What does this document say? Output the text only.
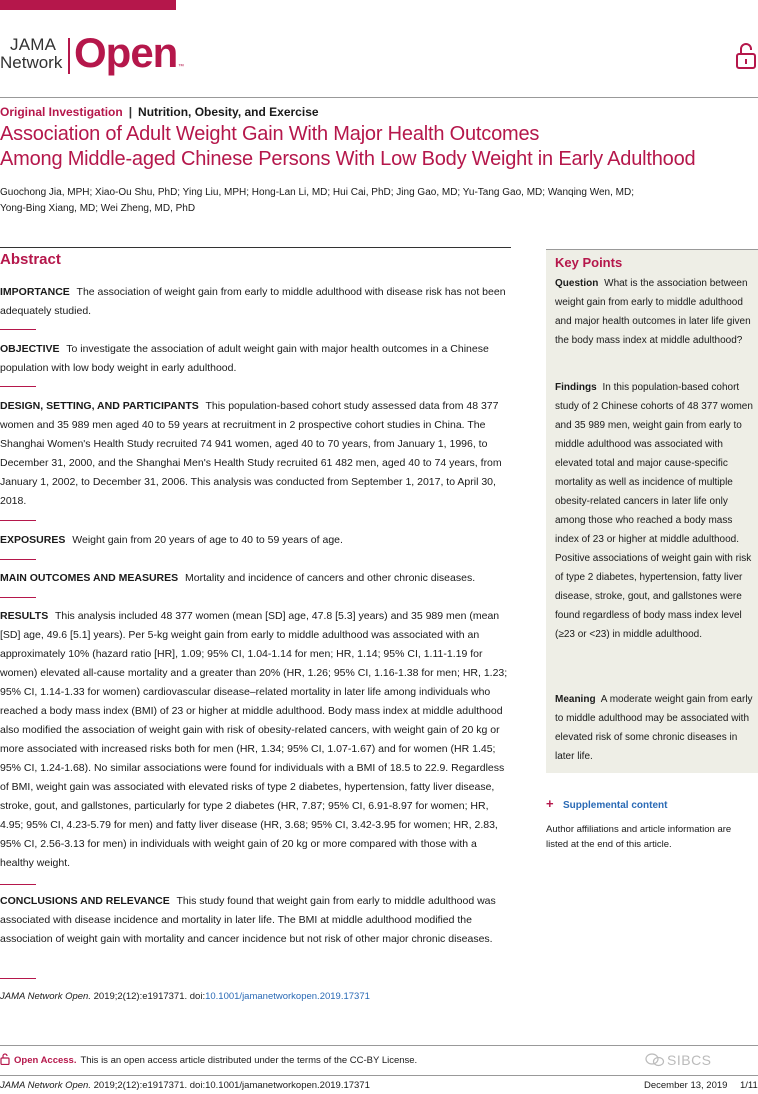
JAMA
Network Open ™
Original Investigation | Nutrition, Obesity, and Exercise
Association of Adult Weight Gain With Major Health Outcomes
Among Middle-aged Chinese Persons With Low Body Weight in Early Adulthood
Guochong Jia, MPH; Xiao-Ou Shu, PhD; Ying Liu, MPH; Hong-Lan Li, MD; Hui Cai, PhD; Jing Gao, MD; Yu-Tang Gao, MD; Wanqing Wen, MD;
Yong-Bing Xiang, MD; Wei Zheng, MD, PhD
Abstract
IMPORTANCE The association of weight gain from early to middle adulthood with disease risk has not been adequately studied.
OBJECTIVE To investigate the association of adult weight gain with major health outcomes in a Chinese population with low body weight in early adulthood.
DESIGN, SETTING, AND PARTICIPANTS This population-based cohort study assessed data from 48 377 women and 35 989 men aged 40 to 59 years at recruitment in 2 prospective cohort studies in China. The Shanghai Women's Health Study recruited 74 941 women, aged 40 to 70 years, from January 1, 1996, to December 31, 2000, and the Shanghai Men's Health Study recruited 61 482 men, aged 40 to 74 years, from January 1, 2002, to December 31, 2006. This analysis was conducted from September 1, 2017, to April 30, 2018.
EXPOSURES Weight gain from 20 years of age to 40 to 59 years of age.
MAIN OUTCOMES AND MEASURES Mortality and incidence of cancers and other chronic diseases.
RESULTS This analysis included 48 377 women (mean [SD] age, 47.8 [5.3] years) and 35 989 men (mean [SD] age, 49.6 [5.1] years). Per 5-kg weight gain from early to middle adulthood was associated with an approximately 10% (hazard ratio [HR], 1.09; 95% CI, 1.04-1.14 for men; HR, 1.14; 95% CI, 1.11-1.19 for women) elevated all-cause mortality and a greater than 20% (HR, 1.26; 95% CI, 1.16-1.38 for men; HR, 1.23; 95% CI, 1.14-1.33 for women) cardiovascular disease–related mortality in later life among individuals who reached a body mass index (BMI) of 23 or higher at middle adulthood. Body mass index at middle adulthood also modified the association of weight gain with risk of obesity-related cancers, with weight gain of 20 kg or more associated with increased risks both for men (HR, 1.34; 95% CI, 1.07-1.67) and for women (HR 1.45; 95% CI, 1.24-1.68). No similar associations were found for individuals with a BMI of 18.5 to 22.9. Regardless of BMI, weight gain was associated with elevated risks of type 2 diabetes, hypertension, fatty liver disease, stroke, gout, and gallstones, particularly for type 2 diabetes (HR, 7.87; 95% CI, 6.91-8.97 for women; HR, 4.95; 95% CI, 4.23-5.79 for men) and fatty liver disease (HR, 3.68; 95% CI, 3.42-3.95 for women; HR, 2.83, 95% CI, 2.56-3.13 for men) in individuals with weight gain of 20 kg or more compared with those with a healthy weight.
CONCLUSIONS AND RELEVANCE This study found that weight gain from early to middle adulthood was associated with disease incidence and mortality in later life. The BMI at middle adulthood modified the association of weight gain with mortality and cancer incidence but not risk of other major chronic diseases.
JAMA Network Open. 2019;2(12):e1917371. doi:10.1001/jamanetworkopen.2019.17371
Key Points
Question What is the association between weight gain from early to middle adulthood and major health outcomes in later life given the body mass index at middle adulthood?
Findings In this population-based cohort study of 2 Chinese cohorts of 48 377 women and 35 989 men, weight gain from early to middle adulthood was associated with elevated total and major cause-specific mortality as well as incidence of multiple obesity-related cancers in later life only among those who reached a body mass index of 23 or higher at middle adulthood. Positive associations of weight gain with risk of type 2 diabetes, hypertension, fatty liver disease, stroke, gout, and gallstones were found regardless of body mass index level (≥23 or <23) in middle adulthood.
Meaning A moderate weight gain from early to middle adulthood may be associated with elevated risk of some chronic diseases in later life.
+ Supplemental content
Author affiliations and article information are listed at the end of this article.
Open Access. This is an open access article distributed under the terms of the CC-BY License.	SIBCS
JAMA Network Open. 2019;2(12):e1917371. doi:10.1001/jamanetworkopen.2019.17371	December 13, 2019 1/11
